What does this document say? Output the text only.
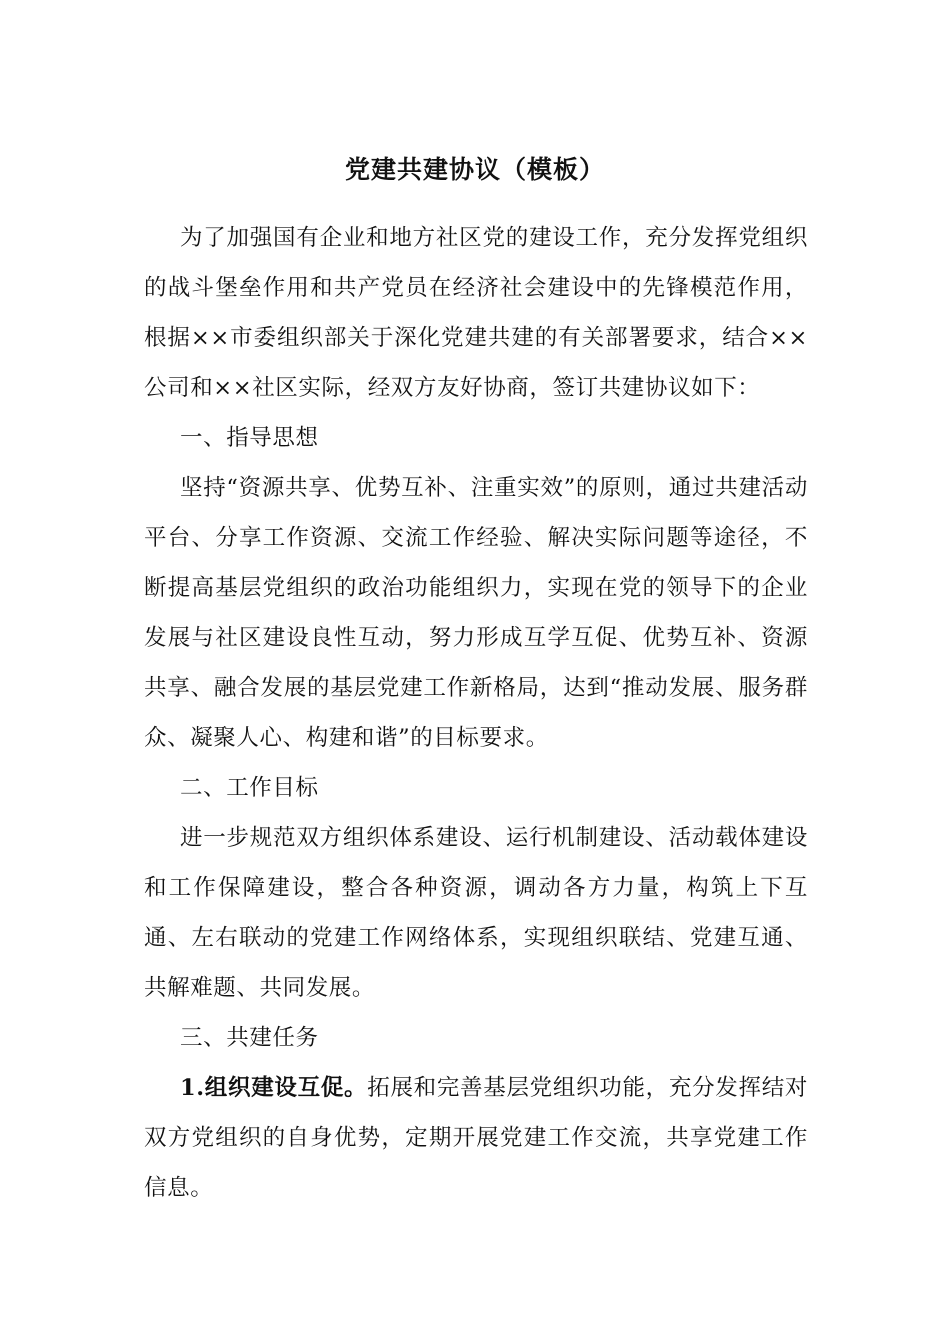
党建共建协议（模板）

为了加强国有企业和地方社区党的建设工作，充分发挥党组织的战斗堡垒作用和共产党员在经济社会建设中的先锋模范作用，根据××市委组织部关于深化党建共建的有关部署要求，结合××公司和××社区实际，经双方友好协商，签订共建协议如下：

一、指导思想

坚持“资源共享、优势互补、注重实效”的原则，通过共建活动平台、分享工作资源、交流工作经验、解决实际问题等途径，不断提高基层党组织的政治功能组织力，实现在党的领导下的企业发展与社区建设良性互动，努力形成互学互促、优势互补、资源共享、融合发展的基层党建工作新格局，达到“推动发展、服务群众、凝聚人心、构建和谐”的目标要求。

二、工作目标

进一步规范双方组织体系建设、运行机制建设、活动载体建设和工作保障建设，整合各种资源，调动各方力量，构筑上下互通、左右联动的党建工作网络体系，实现组织联结、党建互通、共解难题、共同发展。

三、共建任务

1.组织建设互促。拓展和完善基层党组织功能，充分发挥结对双方党组织的自身优势，定期开展党建工作交流，共享党建工作信息。
